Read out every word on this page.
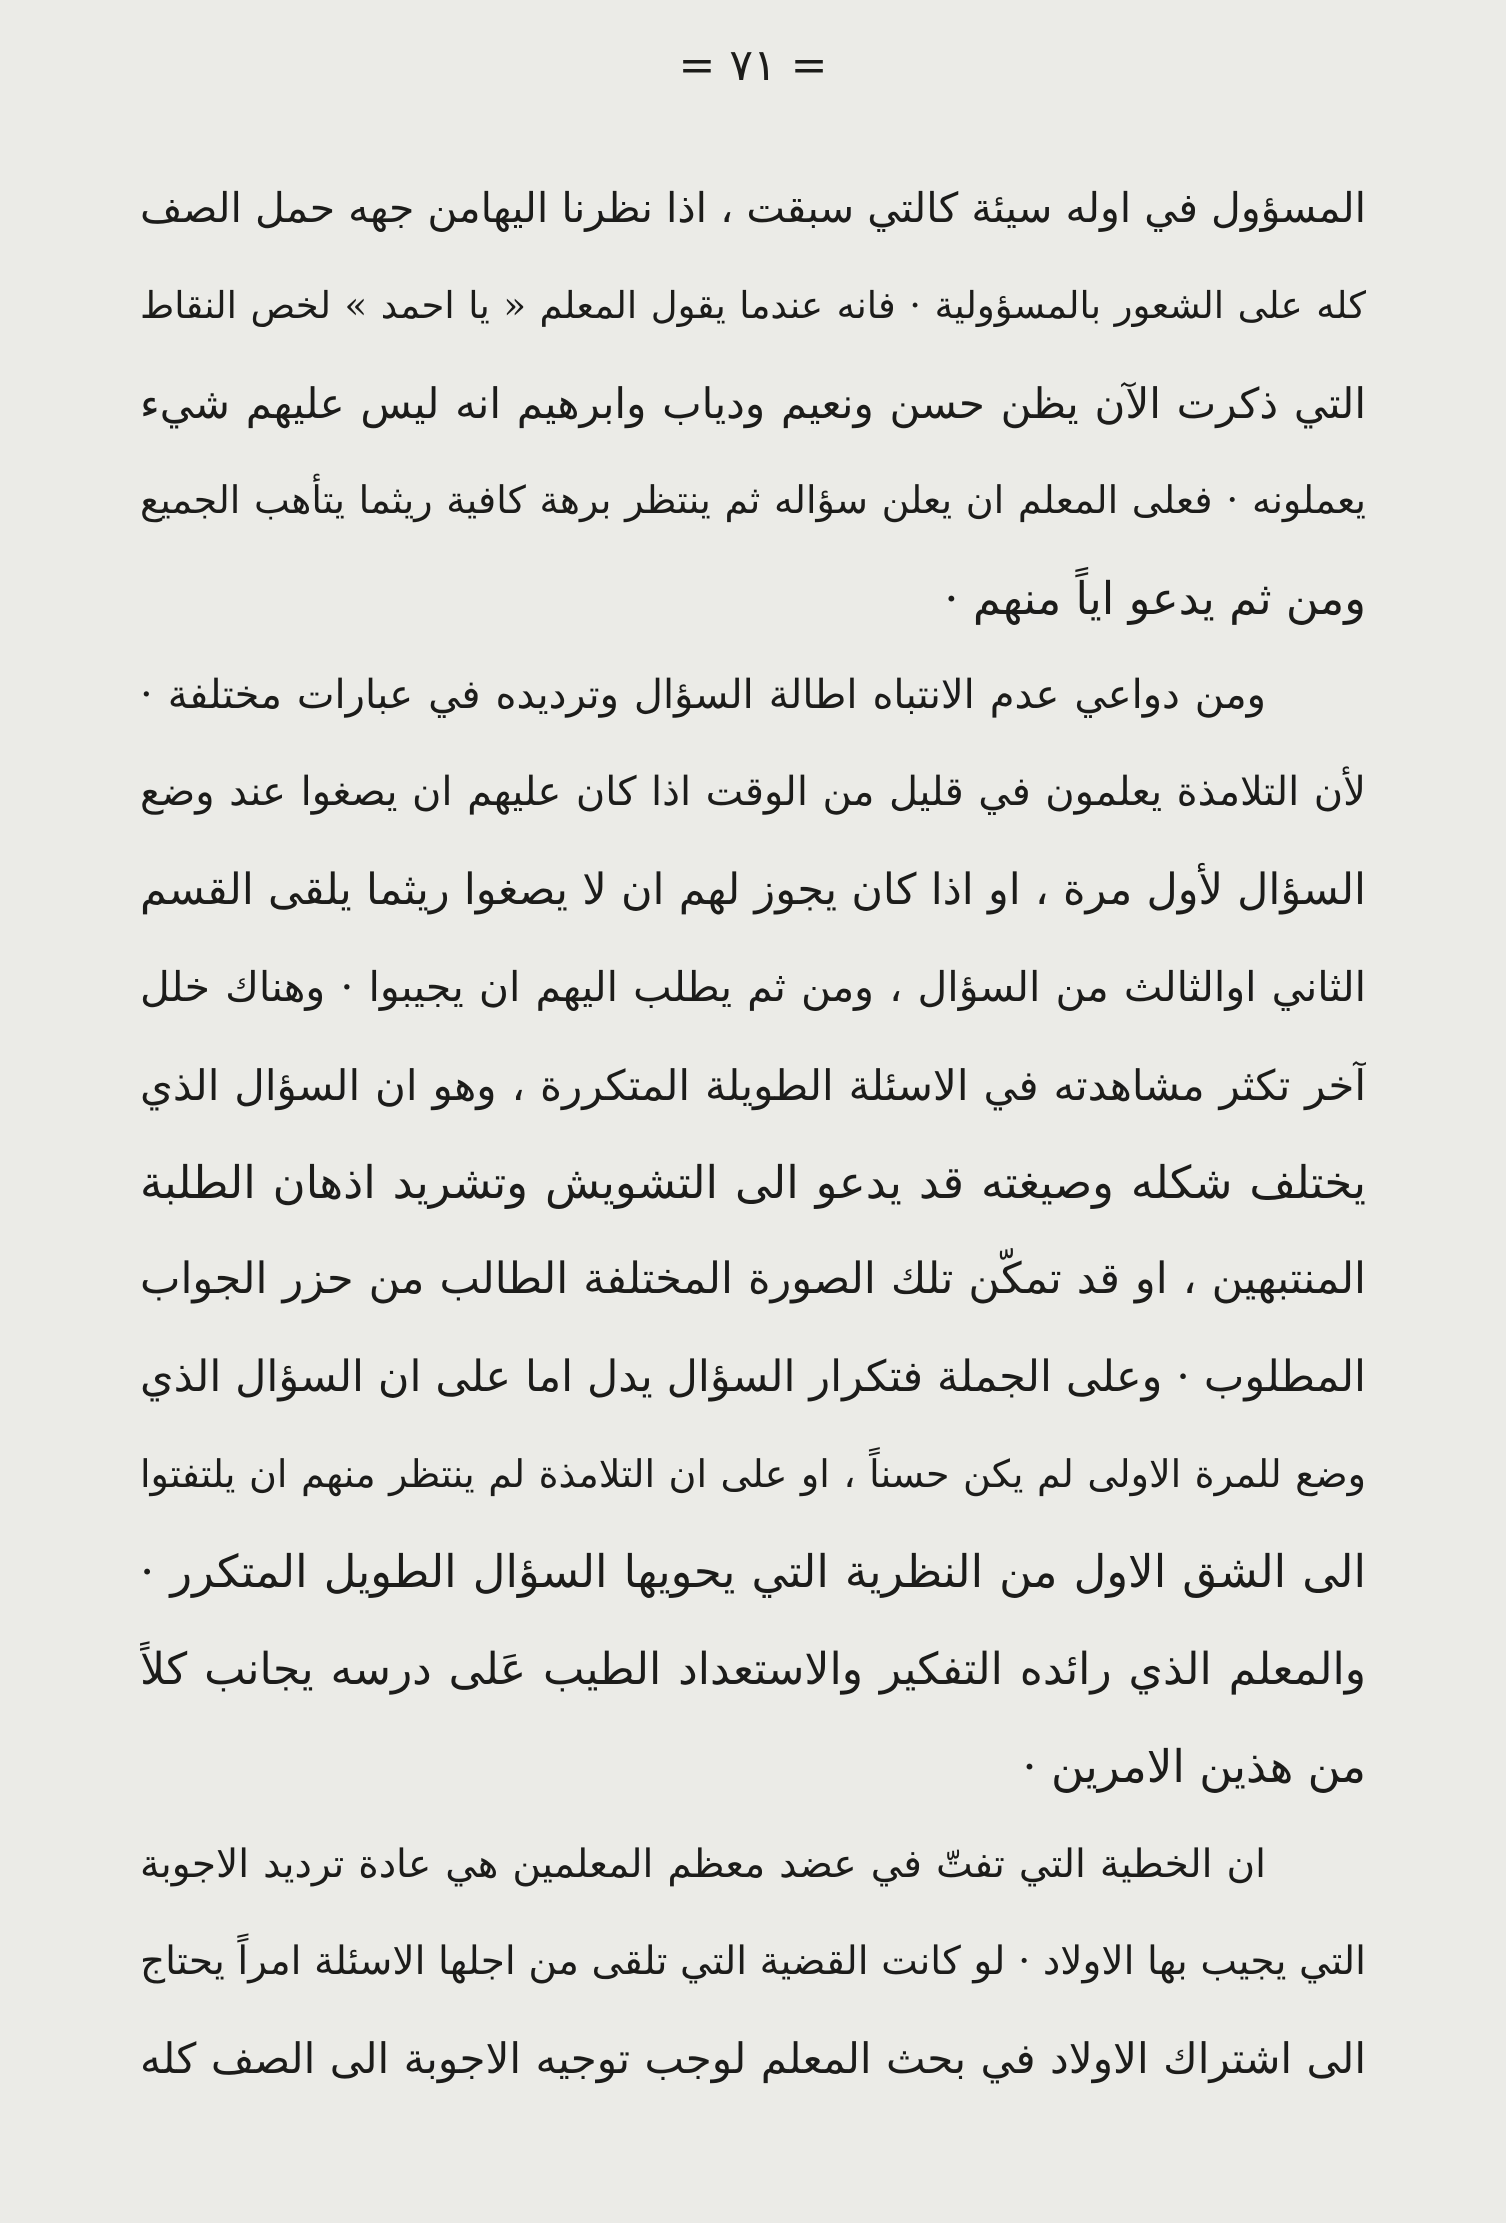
= ٧١ =
المسؤول في اوله سيئة كالتي سبقت ، اذا نظرنا اليهامن جهه حمل الصف
كله على الشعور بالمسؤولية · فانه عندما يقول المعلم « يا احمد » لخص النقاط
التي ذكرت الآن يظن حسن ونعيم ودياب وابرهيم انه ليس عليهم شيء
يعملونه · فعلى المعلم ان يعلن سؤاله ثم ينتظر برهة كافية ريثما يتأهب الجميع
ومن ثم يدعو اياً منهم ·
ومن دواعي عدم الانتباه اطالة السؤال وترديده في عبارات مختلفة ·
لأن التلامذة يعلمون في قليل من الوقت اذا كان عليهم ان يصغوا عند وضع
السؤال لأول مرة ، او اذا كان يجوز لهم ان لا يصغوا ريثما يلقى القسم
الثاني اوالثالث من السؤال ، ومن ثم يطلب اليهم ان يجيبوا · وهناك خلل
آخر تكثر مشاهدته في الاسئلة الطويلة المتكررة ، وهو ان السؤال الذي
يختلف شكله وصيغته قد يدعو الى التشويش وتشريد اذهان الطلبة
المنتبهين ، او قد تمكّن تلك الصورة المختلفة الطالب من حزر الجواب
المطلوب · وعلى الجملة فتكرار السؤال يدل اما على ان السؤال الذي
وضع للمرة الاولى لم يكن حسناً ، او على ان التلامذة لم ينتظر منهم ان يلتفتوا
الى الشق الاول من النظرية التي يحويها السؤال الطويل المتكرر ·
والمعلم الذي رائده التفكير والاستعداد الطيب عَلى درسه يجانب كلاً
من هذين الامرين ·
ان الخطية التي تفتّ في عضد معظم المعلمين هي عادة ترديد الاجوبة
التي يجيب بها الاولاد · لو كانت القضية التي تلقى من اجلها الاسئلة امراً يحتاج
الى اشتراك الاولاد في بحث المعلم لوجب توجيه الاجوبة الى الصف كله
